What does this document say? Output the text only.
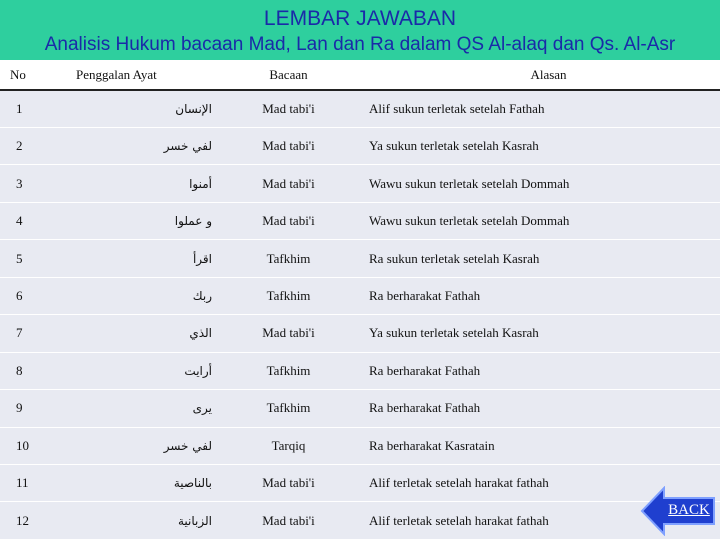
LEMBAR JAWABAN
Analisis Hukum bacaan Mad, Lan dan Ra dalam QS Al-alaq dan Qs. Al-Asr
No	Penggalan Ayat	Bacaan	Alasan
1	الإنسان	Mad tabi'i	Alif sukun terletak setelah Fathah
2	لفي خسر	Mad tabi'i	Ya sukun terletak setelah Kasrah
3	أمنوا	Mad tabi'i	Wawu sukun terletak setelah Dommah
4	و عملوا	Mad tabi'i	Wawu sukun terletak setelah Dommah
5	اقرأ	Tafkhim	Ra sukun terletak setelah Kasrah
6	ربك	Tafkhim	Ra berharakat Fathah
7	الذي	Mad tabi'i	Ya sukun terletak setelah Kasrah
8	أرايت	Tafkhim	Ra berharakat Fathah
9	يرى	Tafkhim	Ra berharakat Fathah
10	لفي خسر	Tarqiq	Ra berharakat Kasratain
11	بالناصية	Mad tabi'i	Alif terletak setelah harakat fathah
12	الزبانية	Mad tabi'i	Alif terletak setelah harakat fathah
BACK
